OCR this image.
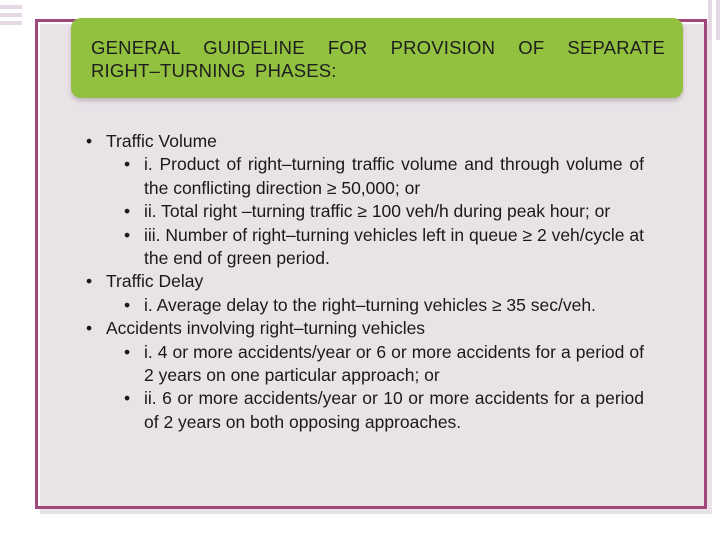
GENERAL GUIDELINE FOR PROVISION OF SEPARATE RIGHT–TURNING PHASES:
• Traffic Volume
• i. Product of right–turning traffic volume and through volume of the conflicting direction ≥ 50,000; or
• ii. Total right –turning traffic ≥ 100 veh/h during peak hour; or
• iii. Number of right–turning vehicles left in queue ≥ 2 veh/cycle at the end of green period.
• Traffic Delay
• i. Average delay to the right–turning vehicles ≥ 35 sec/veh.
• Accidents involving right–turning vehicles
• i. 4 or more accidents/year or 6 or more accidents for a period of 2 years on one particular approach; or
• ii. 6 or more accidents/year or 10 or more accidents for a period of 2 years on both opposing approaches.
